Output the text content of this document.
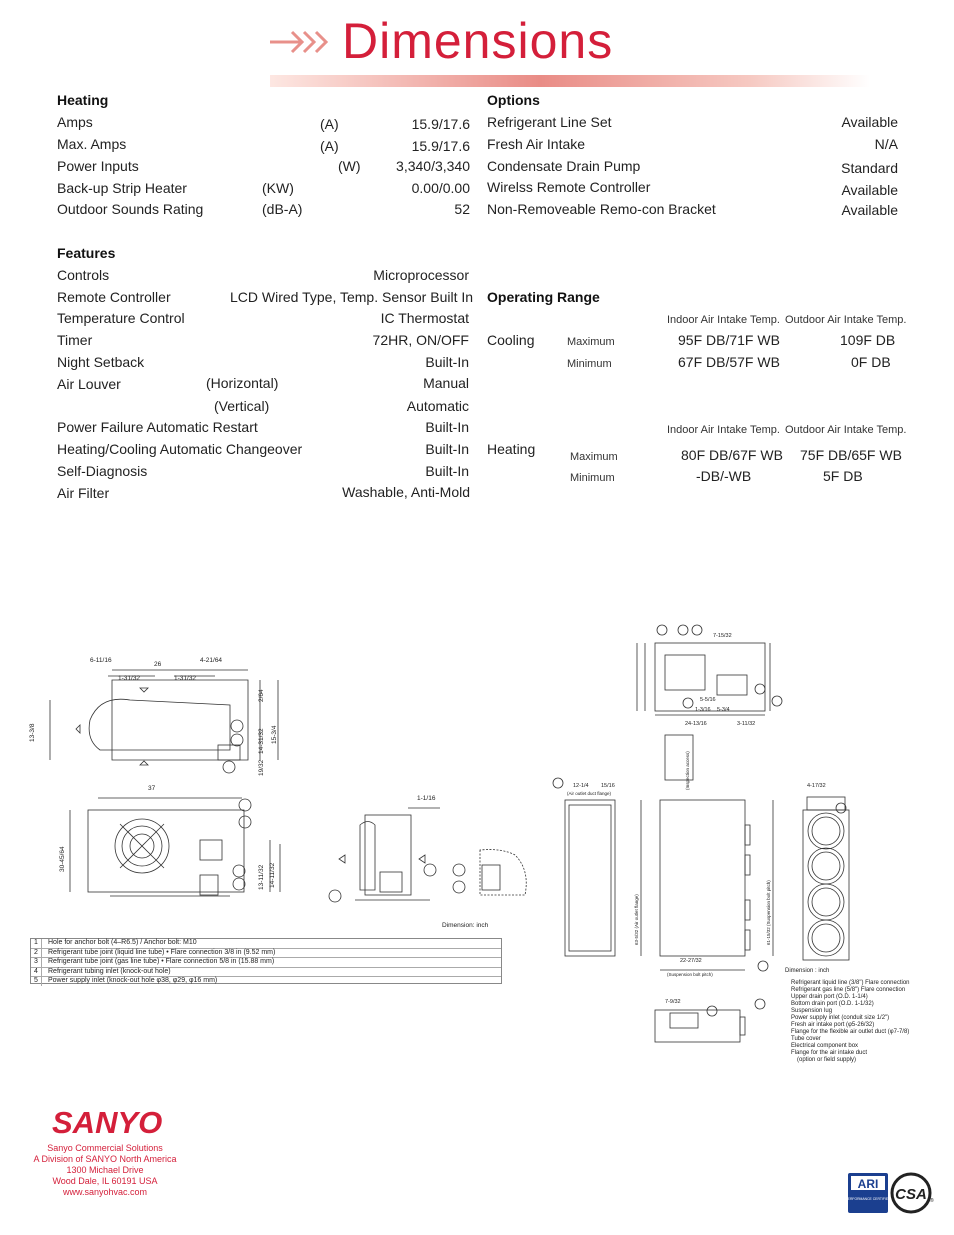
Dimensions
Heating
Amps	(A)	15.9/17.6
Max. Amps	(A)	15.9/17.6
Power Inputs	(W)	3,340/3,340
Back-up Strip Heater	(KW)	0.00/0.00
Outdoor Sounds Rating	(dB-A)	52
Features
Controls	Microprocessor
Remote Controller	LCD Wired Type, Temp. Sensor Built In
Temperature Control	IC Thermostat
Timer	72HR, ON/OFF
Night Setback	Built-In
Air Louver	(Horizontal)	Manual
(Vertical)	Automatic
Power Failure Automatic Restart	Built-In
Heating/Cooling Automatic Changeover	Built-In
Self-Diagnosis	Built-In
Air Filter	Washable, Anti-Mold
Options
Refrigerant Line Set	Available
Fresh Air Intake	N/A
Condensate Drain Pump	Standard
Wirelss Remote Controller	Available
Non-Removeable Remo-con Bracket	Available
Operating Range
Indoor Air Intake Temp. Outdoor Air Intake Temp.
Cooling	Maximum	95F DB/71F WB	109F DB
Minimum	67F DB/57F WB	0F DB
Indoor Air Intake Temp. Outdoor Air Intake Temp.
Heating	Maximum	80F DB/67F WB 75F DB/65F WB
Minimum	-DB/-WB	5F DB
6-11/16
26
4-21/64
1-31/32	1-31/32
2/64
14-31/32 15-3/4
13-3/8
19/32
37
30-45/64
13-11/32 14-11/32
1-1/16
Dimension: inch
1	Hole for anchor bolt (4–R6.5) / Anchor bolt: M10
2	Refrigerant tube joint (liquid line tube) • Flare connection 3/8 in (9.52 mm)
3	Refrigerant tube joint (gas line tube) • Flare connection 5/8 in (15.88 mm)
4	Refrigerant tubing inlet (knock-out hole)
5	Power supply inlet (knock-out hole φ38, φ29, φ16 mm)
7-15/32
24-13/16
1-3/16 5-3/4
3-11/32
5-5/16
12-1/4 15/16
(Air outlet duct flange)
(Inspection access)	4-17/32
22-27/32
(Suspension bolt pitch)
7-9/32
63-5/32 (Air outlet flange)	61-15/32 (Suspension bolt pitch)
Dimension : inch
Refrigerant liquid line (3/8") Flare connection
Refrigerant gas line (5/8") Flare connection
Upper drain port (O.D. 1-1/4)
Bottom drain port (O.D. 1-1/32)
Suspension lug
Power supply inlet (conduit size 1/2")
Fresh air intake port (φ5-26/32)
Flange for the flexible air outlet duct (φ7-7/8)
Tube cover
Electrical component box
Flange for the air intake duct
(option or field supply)
SANYO
Sanyo Commercial Solutions
A Division of SANYO North America
1300 Michael Drive
Wood Dale, IL 60191 USA
www.sanyohvac.com
ARI
PERFORMANCE CERTIFIED CSA ®
